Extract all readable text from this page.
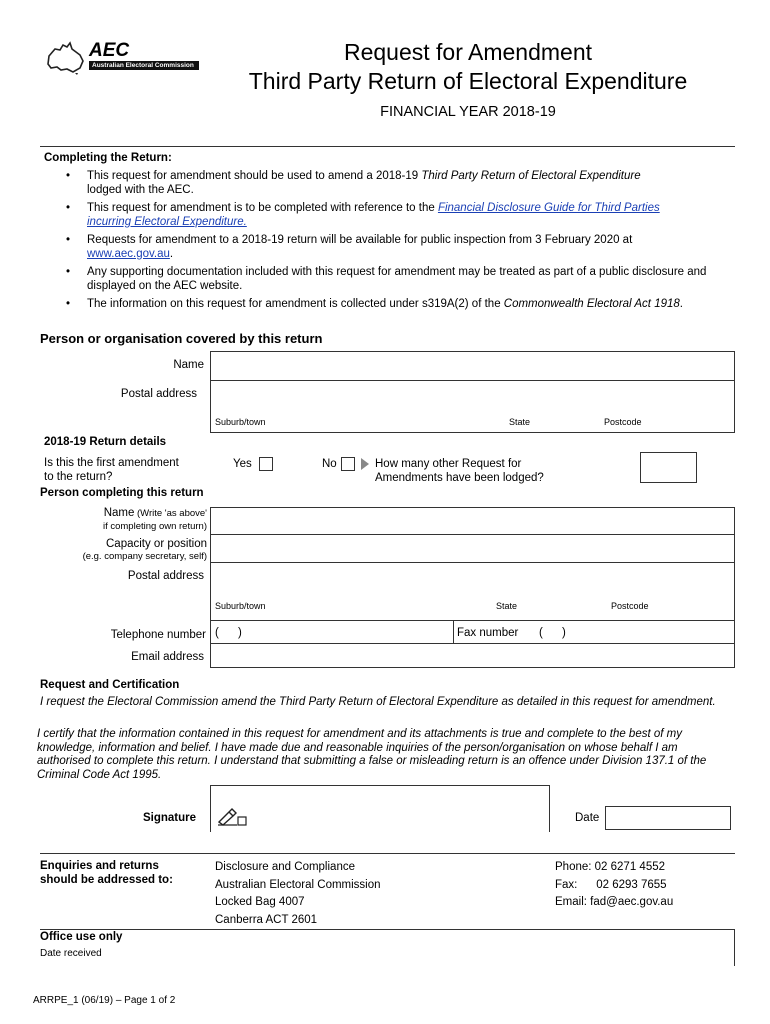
AEC
Australian Electoral Commission
Request for Amendment
Third Party Return of Electoral Expenditure
FINANCIAL YEAR 2018-19
Completing the Return:
• This request for amendment should be used to amend a 2018-19 Third Party Return of Electoral Expenditure
lodged with the AEC.
• This request for amendment is to be completed with reference to the Financial Disclosure Guide for Third Parties
incurring Electoral Expenditure.
• Requests for amendment to a 2018-19 return will be available for public inspection from 3 February 2020 at
www.aec.gov.au.
• Any supporting documentation included with this request for amendment may be treated as part of a public disclosure and displayed on the AEC website.
• The information on this request for amendment is collected under s319A(2) of the Commonwealth Electoral Act 1918.
Person or organisation covered by this return
Name
Postal address
Suburb/town	State	Postcode
2018-19 Return details
Is this the first amendment
to the return?
Yes	No	How many other Request for
Amendments have been lodged?
Person completing this return
Name (Write 'as above'
if completing own return)
Capacity or position
(e.g. company secretary, self)
Postal address
Suburb/town	State	Postcode
Telephone number (      )	Fax number (      )
Email address
Request and Certification
I request the Electoral Commission amend the Third Party Return of Electoral Expenditure as detailed in this request for amendment.
I certify that the information contained in this request for amendment and its attachments is true and complete to the best of my knowledge, information and belief. I have made due and reasonable inquiries of the person/organisation on whose behalf I am authorised to complete this return. I understand that submitting a false or misleading return is an offence under Division 137.1 of the Criminal Code Act 1995.
Signature	Date
Enquiries and returns
should be addressed to:
Disclosure and Compliance
Australian Electoral Commission
Locked Bag 4007
Canberra ACT 2601
Phone: 02 6271 4552
Fax: 02 6293 7655
Email: fad@aec.gov.au
Office use only
Date received
ARRPE_1 (06/19) – Page 1 of 2
